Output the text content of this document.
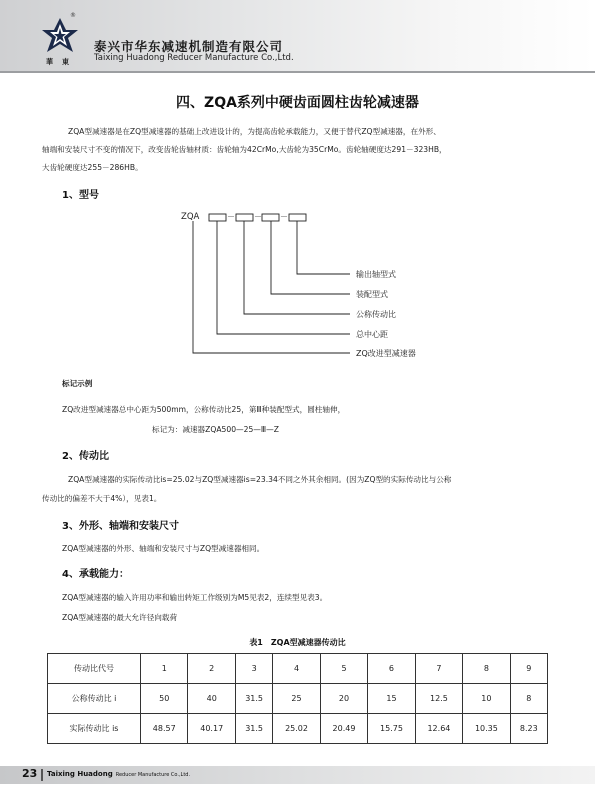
®
華東
泰兴市华东减速机制造有限公司
Taixing Huadong Reducer Manufacture Co.,Ltd.
四、ZQA系列中硬齿面圆柱齿轮减速器
ZQA型减速器是在ZQ型减速器的基础上改进设计的，为提高齿轮承载能力，又便于替代ZQ型减速器，在外形、
轴端和安装尺寸不变的情况下，改变齿轮齿轴材质：齿轮轴为42CrMo,大齿轮为35CrMo。齿轮轴硬度达291－323HB，
大齿轮硬度达255－286HB。
1、型号
ZQA	－ － －
输出轴型式
装配型式
公称传动比
总中心距
ZQ改进型减速器
标记示例
ZQ改进型减速器总中心距为500mm，公称传动比25，第Ⅲ种装配型式，圆柱轴伸，
标记为：减速器ZQA500—25—Ⅲ—Z
2、传动比
ZQA型减速器的实际传动比is=25.02与ZQ型减速器is=23.34不同之外其余相同。(因为ZQ型的实际传动比与公称
传动比的偏差不大于4%），见表1。
3、外形、轴端和安装尺寸
ZQA型减速器的外形、轴端和安装尺寸与ZQ型减速器相同。
4、承载能力：
ZQA型减速器的输入许用功率和输出转矩工作级别为M5见表2，连续型见表3。
ZQA型减速器的最大允许径向载荷
表1　ZQA型减速器传动比
传动比代号	1	2	3	4	5	6	7	8	9
公称传动比 i	50	40	31.5	25	20	15	12.5	10	8
实际传动比 is	48.57	40.17	31.5	25.02	20.49	15.75	12.64	10.35	8.23
23 Taixing Huadong Reducer Manufacture Co.,Ltd.
